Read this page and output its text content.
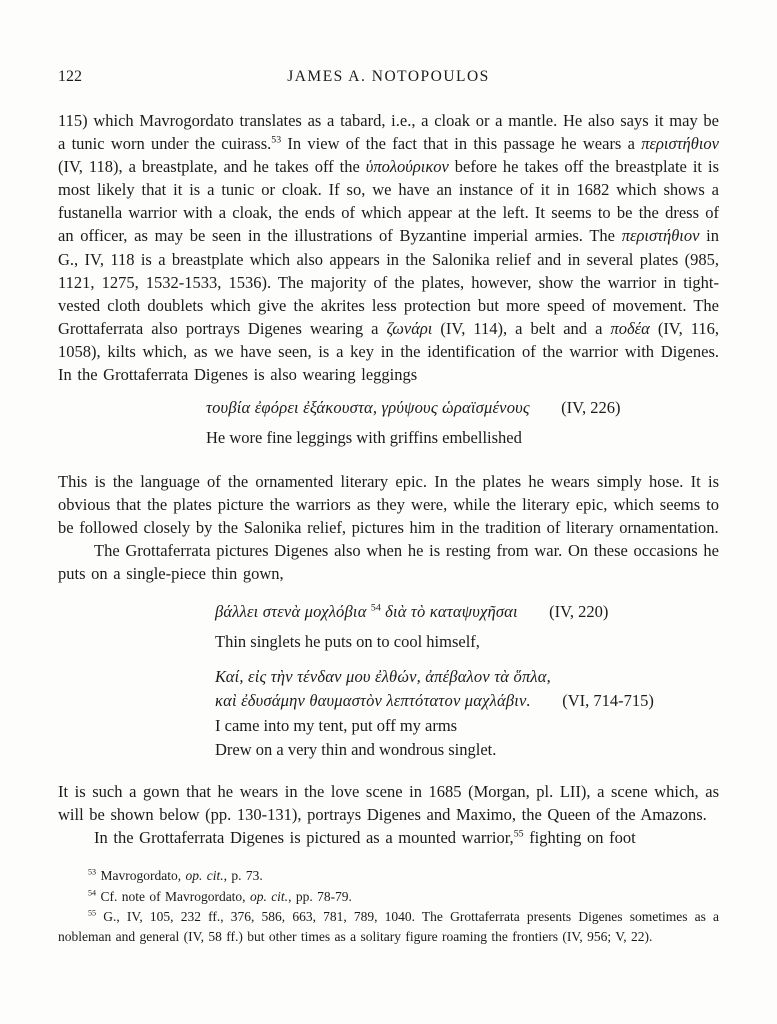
122	JAMES A. NOTOPOULOS

115) which Mavrogordato translates as a tabard, i.e., a cloak or a mantle. He also says it may be a tunic worn under the cuirass.$^{53}$ In view of the fact that in this passage he wears a περιστήθιον (IV, 118), a breastplate, and he takes off the ὑπολούρικον before he takes off the breastplate it is most likely that it is a tunic or cloak. If so, we have an instance of it in 1682 which shows a fustanella warrior with a cloak, the ends of which appear at the left. It seems to be the dress of an officer, as may be seen in the illustrations of Byzantine imperial armies. The περιστήθιον in G., IV, 118 is a breastplate which also appears in the Salonika relief and in several plates (985, 1121, 1275, 1532-1533, 1536). The majority of the plates, however, show the warrior in tight-vested cloth doublets which give the akrites less protection but more speed of movement. The Grottaferrata also portrays Digenes wearing a ζωνάρι (IV, 114), a belt and a ποδέα (IV, 116, 1058), kilts which, as we have seen, is a key in the identification of the warrior with Digenes. In the Grottaferrata Digenes is also wearing leggings

τουβία ἐφόρει ἐξάκουστα, γρύψους ὡραϊσμένους (IV, 226)

He wore fine leggings with griffins embellished

This is the language of the ornamented literary epic. In the plates he wears simply hose. It is obvious that the plates picture the warriors as they were, while the literary epic, which seems to be followed closely by the Salonika relief, pictures him in the tradition of literary ornamentation.

The Grottaferrata pictures Digenes also when he is resting from war. On these occasions he puts on a single-piece thin gown,

βάλλει στενὰ μοχλόβια $^{54}$ διὰ τὸ καταψυχῆσαι (IV, 220)

Thin singlets he puts on to cool himself,

Καί, εἰς τὴν τένδαν μου ἐλθών, ἀπέβαλον τὰ ὅπλα,

καὶ ἐδυσάμην θαυμαστὸν λεπτότατον μαχλάβιν. (VI, 714-715)

I came into my tent, put off my arms

Drew on a very thin and wondrous singlet.

It is such a gown that he wears in the love scene in 1685 (Morgan, pl. LII), a scene which, as will be shown below (pp. 130-131), portrays Digenes and Maximo, the Queen of the Amazons.

In the Grottaferrata Digenes is pictured as a mounted warrior,$^{55}$ fighting on foot

$^{53}$ Mavrogordato, op. cit., p. 73.

$^{54}$ Cf. note of Mavrogordato, op. cit., pp. 78-79.

$^{55}$ G., IV, 105, 232 ff., 376, 586, 663, 781, 789, 1040. The Grottaferrata presents Digenes sometimes as a nobleman and general (IV, 58 ff.) but other times as a solitary figure roaming the frontiers (IV, 956; V, 22).
